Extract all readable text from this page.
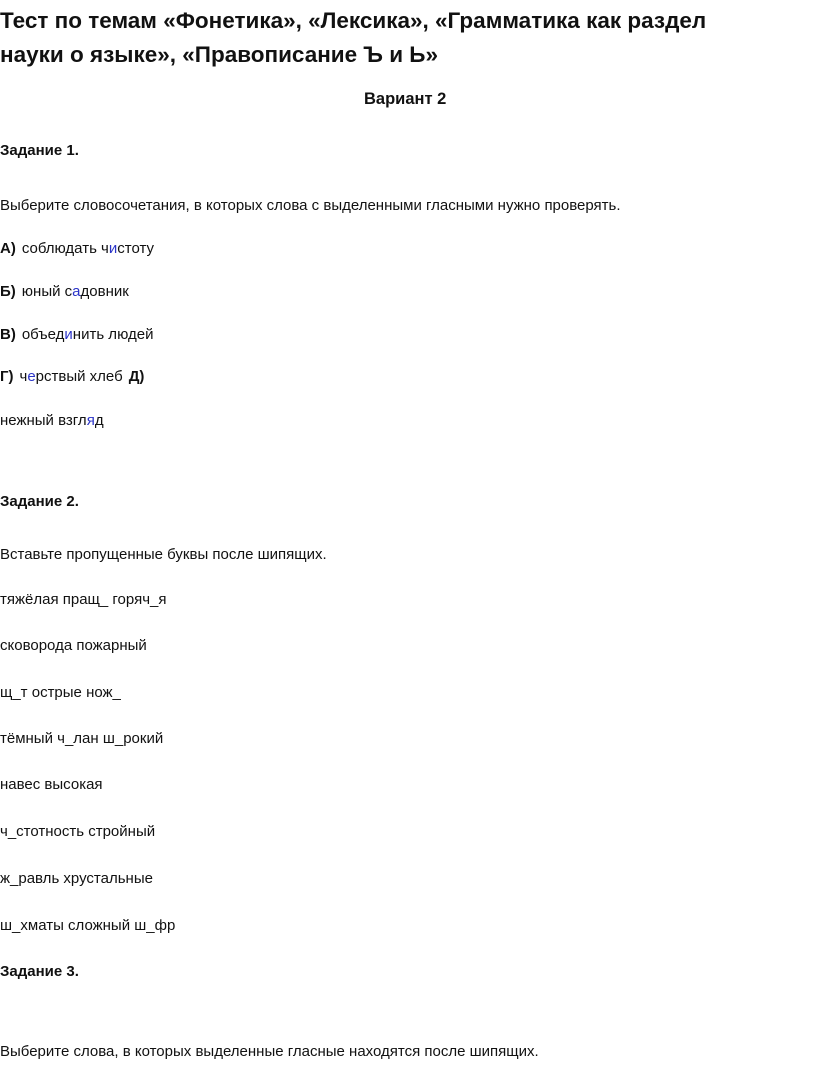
Тест по темам «Фонетика», «Лексика», «Грамматика как раздел
науки о языке», «Правописание Ъ и Ь»
Вариант 2
Задание 1.
Выберите словосочетания, в которых слова с выделенными гласными нужно проверять.
А) соблюдать чистоту
Б) юный садовник
В) объединить людей
Г) черствый хлеб Д)
нежный взгляд
Задание 2.
Вставьте пропущенные буквы после шипящих.
тяжёлая пращ_ горяч_я
сковорода пожарный
щ_т острые нож_
тёмный ч_лан ш_рокий
навес высокая
ч_стотность стройный
ж_равль хрустальные
ш_хматы сложный ш_фр
Задание 3.
Выберите слова, в которых выделенные гласные находятся после шипящих.
